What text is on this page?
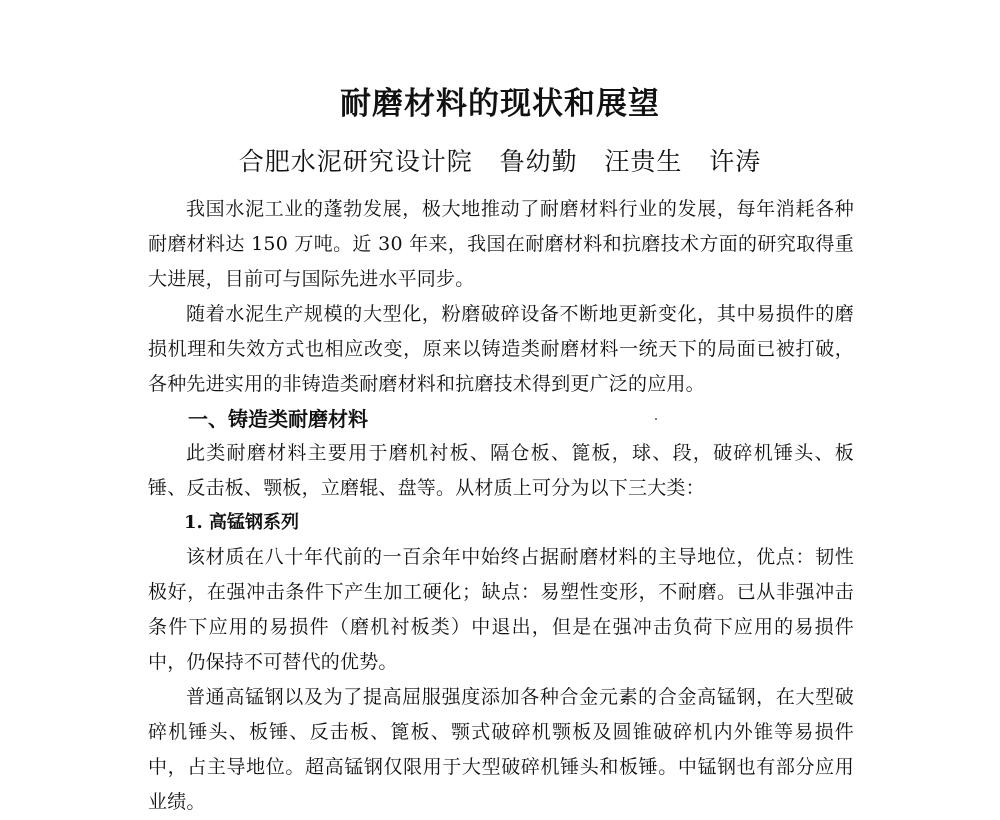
耐磨材料的现状和展望
合肥水泥研究设计院   鲁幼勤   汪贵生   许涛

我国水泥工业的蓬勃发展，极大地推动了耐磨材料行业的发展，每年消耗各种耐磨材料达 150 万吨。近 30 年来，我国在耐磨材料和抗磨技术方面的研究取得重大进展，目前可与国际先进水平同步。

随着水泥生产规模的大型化，粉磨破碎设备不断地更新变化，其中易损件的磨损机理和失效方式也相应改变，原来以铸造类耐磨材料一统天下的局面已被打破，各种先进实用的非铸造类耐磨材料和抗磨技术得到更广泛的应用。

一、铸造类耐磨材料

此类耐磨材料主要用于磨机衬板、隔仓板、篦板，球、段，破碎机锤头、板锤、反击板、颚板，立磨辊、盘等。从材质上可分为以下三大类：

1. 高锰钢系列

该材质在八十年代前的一百余年中始终占据耐磨材料的主导地位，优点：韧性极好，在强冲击条件下产生加工硬化；缺点：易塑性变形，不耐磨。已从非强冲击条件下应用的易损件（磨机衬板类）中退出，但是在强冲击负荷下应用的易损件中，仍保持不可替代的优势。

普通高锰钢以及为了提高屈服强度添加各种合金元素的合金高锰钢，在大型破碎机锤头、板锤、反击板、篦板、颚式破碎机颚板及圆锥破碎机内外锥等易损件中，占主导地位。超高锰钢仅限用于大型破碎机锤头和板锤。中锰钢也有部分应用业绩。
